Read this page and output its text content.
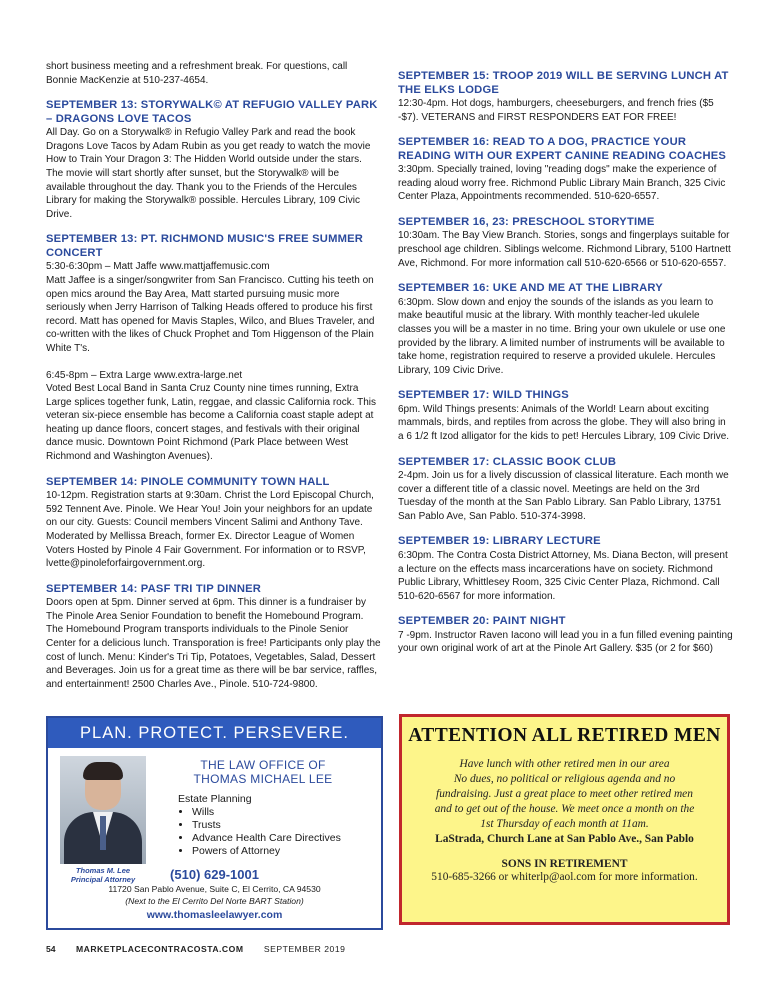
short business meeting and a refreshment break. For questions, call Bonnie MacKenzie at 510-237-4654.

SEPTEMBER 13: STORYWALK© AT REFUGIO VALLEY PARK – DRAGONS LOVE TACOS

All Day. Go on a Storywalk® in Refugio Valley Park and read the book Dragons Love Tacos by Adam Rubin as you get ready to watch the movie How to Train Your Dragon 3: The Hidden World outside under the stars. The movie will start shortly after sunset, but the Storywalk® will be available throughout the day. Thank you to the Friends of the Hercules Library for making the Storywalk® possible. Hercules Library, 109 Civic Drive.

SEPTEMBER 13: PT. RICHMOND MUSIC'S FREE SUMMER CONCERT

5:30-6:30pm – Matt Jaffe www.mattjaffemusic.com

Matt Jaffee is a singer/songwriter from San Francisco. Cutting his teeth on open mics around the Bay Area, Matt started pursuing music more seriously when Jerry Harrison of Talking Heads offered to produce his first record. Matt has opened for Mavis Staples, Wilco, and Blues Traveler, and co-written with the likes of Chuck Prophet and Tom Higgenson of the Plain White T's.

6:45-8pm – Extra Large www.extra-large.net

Voted Best Local Band in Santa Cruz County nine times running, Extra Large splices together funk, Latin, reggae, and classic California rock. This veteran six-piece ensemble has become a California coast staple adept at heating up dance floors, concert stages, and festivals with their original dance music. Downtown Point Richmond (Park Place between West Richmond and Washington Avenues).

SEPTEMBER 14: PINOLE COMMUNITY TOWN HALL

10-12pm. Registration starts at 9:30am. Christ the Lord Episcopal Church, 592 Tennent Ave. Pinole. We Hear You! Join your neighbors for an update on our city. Guests: Council members Vincent Salimi and Anthony Tave. Moderated by Mellissa Breach, former Ex. Director League of Women Voters Hosted by Pinole 4 Fair Government. For information or to RSVP, lvette@pinoleforfairgovernment.org.

SEPTEMBER 14: PASF TRI TIP DINNER

Doors open at 5pm. Dinner served at 6pm. This dinner is a fundraiser by The Pinole Area Senior Foundation to benefit the Homebound Program.

The Homebound Program transports individuals to the Pinole Senior Center for a delicious lunch. Transporation is free! Participants only play the cost of lunch. Menu: Kinder's Tri Tip, Potatoes, Vegetables, Salad, Dessert and Beverages. Join us for a great time as there will be bar service, raffles, and entertainment! 2500 Charles Ave., Pinole. 510-724-9800.

SEPTEMBER 15: TROOP 2019 WILL BE SERVING LUNCH AT THE ELKS LODGE

12:30-4pm. Hot dogs, hamburgers, cheeseburgers, and french fries ($5 -$7). VETERANS and FIRST RESPONDERS EAT FOR FREE!

SEPTEMBER 16: READ TO A DOG, PRACTICE YOUR READING WITH OUR EXPERT CANINE READING COACHES

3:30pm. Specially trained, loving "reading dogs" make the experience of reading aloud worry free. Richmond Public Library Main Branch, 325 Civic Center Plaza, Appointments recommended. 510-620-6557.

SEPTEMBER 16, 23: PRESCHOOL STORYTIME

10:30am. The Bay View Branch. Stories, songs and fingerplays suitable for preschool age children. Siblings welcome. Richmond Library, 5100 Hartnett Ave, Richmond. For more information call 510-620-6566 or 510-620-6557.

SEPTEMBER 16: UKE AND ME AT THE LIBRARY

6:30pm. Slow down and enjoy the sounds of the islands as you learn to make beautiful music at the library. With monthly teacher-led ukulele classes you will be a master in no time. Bring your own ukulele or use one provided by the library. A limited number of instruments will be available to take home, registration required to reserve a provided ukulele. Hercules Library, 109 Civic Drive.

SEPTEMBER 17: WILD THINGS

6pm. Wild Things presents: Animals of the World! Learn about exciting mammals, birds, and reptiles from across the globe. They will also bring in a 6 1/2 ft Izod alligator for the kids to pet! Hercules Library, 109 Civic Drive.

SEPTEMBER 17: CLASSIC BOOK CLUB

2-4pm. Join us for a lively discussion of classical literature. Each month we cover a different title of a classic novel. Meetings are held on the 3rd Tuesday of the month at the San Pablo Library. San Pablo Library, 13751 San Pablo Ave, San Pablo. 510-374-3998.

SEPTEMBER 19: LIBRARY LECTURE

6:30pm. The Contra Costa District Attorney, Ms. Diana Becton, will present a lecture on the effects mass incarcerations have on society. Richmond Public Library, Whittlesey Room, 325 Civic Center Plaza, Richmond. Call 510-620-6567 for more information.

SEPTEMBER 20: PAINT NIGHT

7 -9pm. Instructor Raven Iacono will lead you in a fun filled evening painting your own original work of art at the Pinole Art Gallery. $35 (or 2 for $60)

PLAN. PROTECT. PERSEVERE.
Thomas M. Lee
Principal Attorney
THE LAW OFFICE OF
THOMAS MICHAEL LEE
Estate Planning
• Wills
• Trusts
• Advance Health Care Directives
• Powers of Attorney
(510) 629-1001
11720 San Pablo Avenue, Suite C, El Cerrito, CA 94530
(Next to the El Cerrito Del Norte BART Station)
www.thomasleelawyer.com
ATTENTION ALL RETIRED MEN

Have lunch with other retired men in our area

No dues, no political or religious agenda and no

fundraising. Just a great place to meet other retired men

and to get out of the house. We meet once a month on the

1st Thursday of each month at 11am.

LaStrada, Church Lane at San Pablo Ave., San Pablo
SONS IN RETIREMENT
510-685-3266 or whiterlp@aol.com for more information.
54 MARKETPLACECONTRACOSTA.COM SEPTEMBER 2019
